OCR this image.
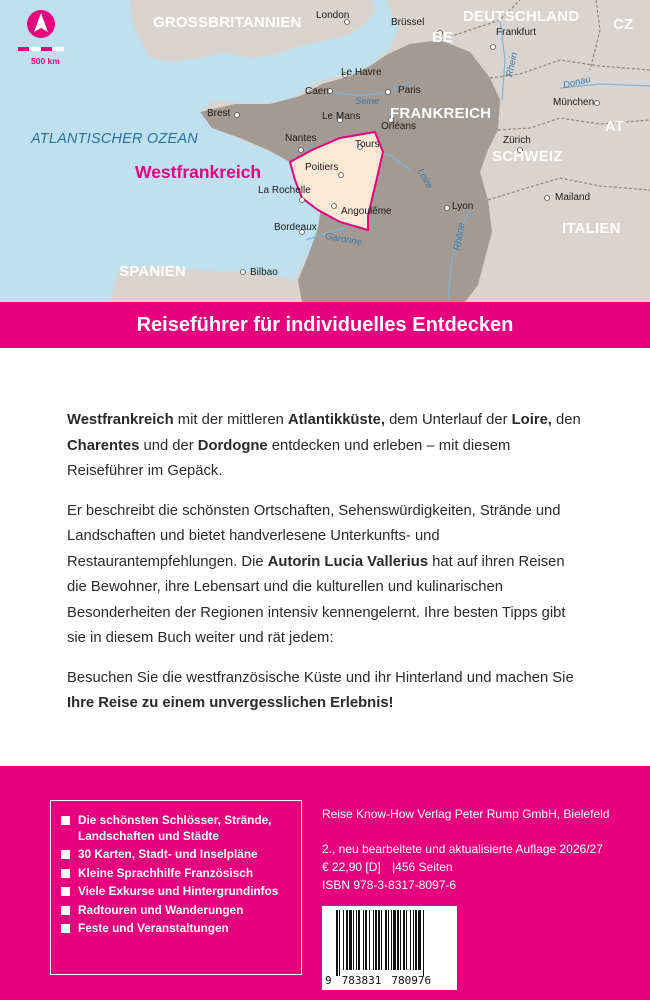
500 km
GROSSBRITANNIEN	DEUTSCHLAND
BE
CZ
FRANKREICH
SCHWEIZ
AT
ITALIEN
SPANIEN
ATLANTISCHER OZEAN
Westfrankreich
London
Brüssel
Frankfurt
Le Havre
Caen	Paris
Brest	Le Mans
Orléans
Nantes
Tours
Poitiers
La Rochelle
Angoulême
Bordeaux
Bilbao
Lyon
Zürich
München
Mailand
Seine
Loire
Garonne	Rhône
Rhein
Donau
Reiseführer für individuelles Entdecken

Westfrankreich mit der mittleren Atlantikküste, dem Unterlauf der Loire, den Charentes und der Dordogne entdecken und erleben – mit diesem Reiseführer im Gepäck.

Er beschreibt die schönsten Ortschaften, Sehenswürdigkeiten, Strände und Landschaften und bietet handverlesene Unterkunfts- und Restaurantempfehlungen. Die Autorin Lucia Vallerius hat auf ihren Reisen die Bewohner, ihre Lebensart und die kulturellen und kulinarischen Besonderheiten der Regionen intensiv kennengelernt. Ihre besten Tipps gibt sie in diesem Buch weiter und rät jedem:

Besuchen Sie die westfranzösische Küste und ihr Hinterland und machen Sie Ihre Reise zu einem unvergesslichen Erlebnis!

Die schönsten Schlösser, Strände, Landschaften und Städte
30 Karten, Stadt- und Inselpläne
Kleine Sprachhilfe Französisch
Viele Exkurse und Hintergrundinfos
Radtouren und Wanderungen
Feste und Veranstaltungen
Reise Know-How Verlag Peter Rump GmbH, Bielefeld
2., neu bearbeitete und aktualisierte Auflage 2026/27
€ 22,90 [D] |456 Seiten
ISBN 978-3-8317-8097-6
9 783831 780976
